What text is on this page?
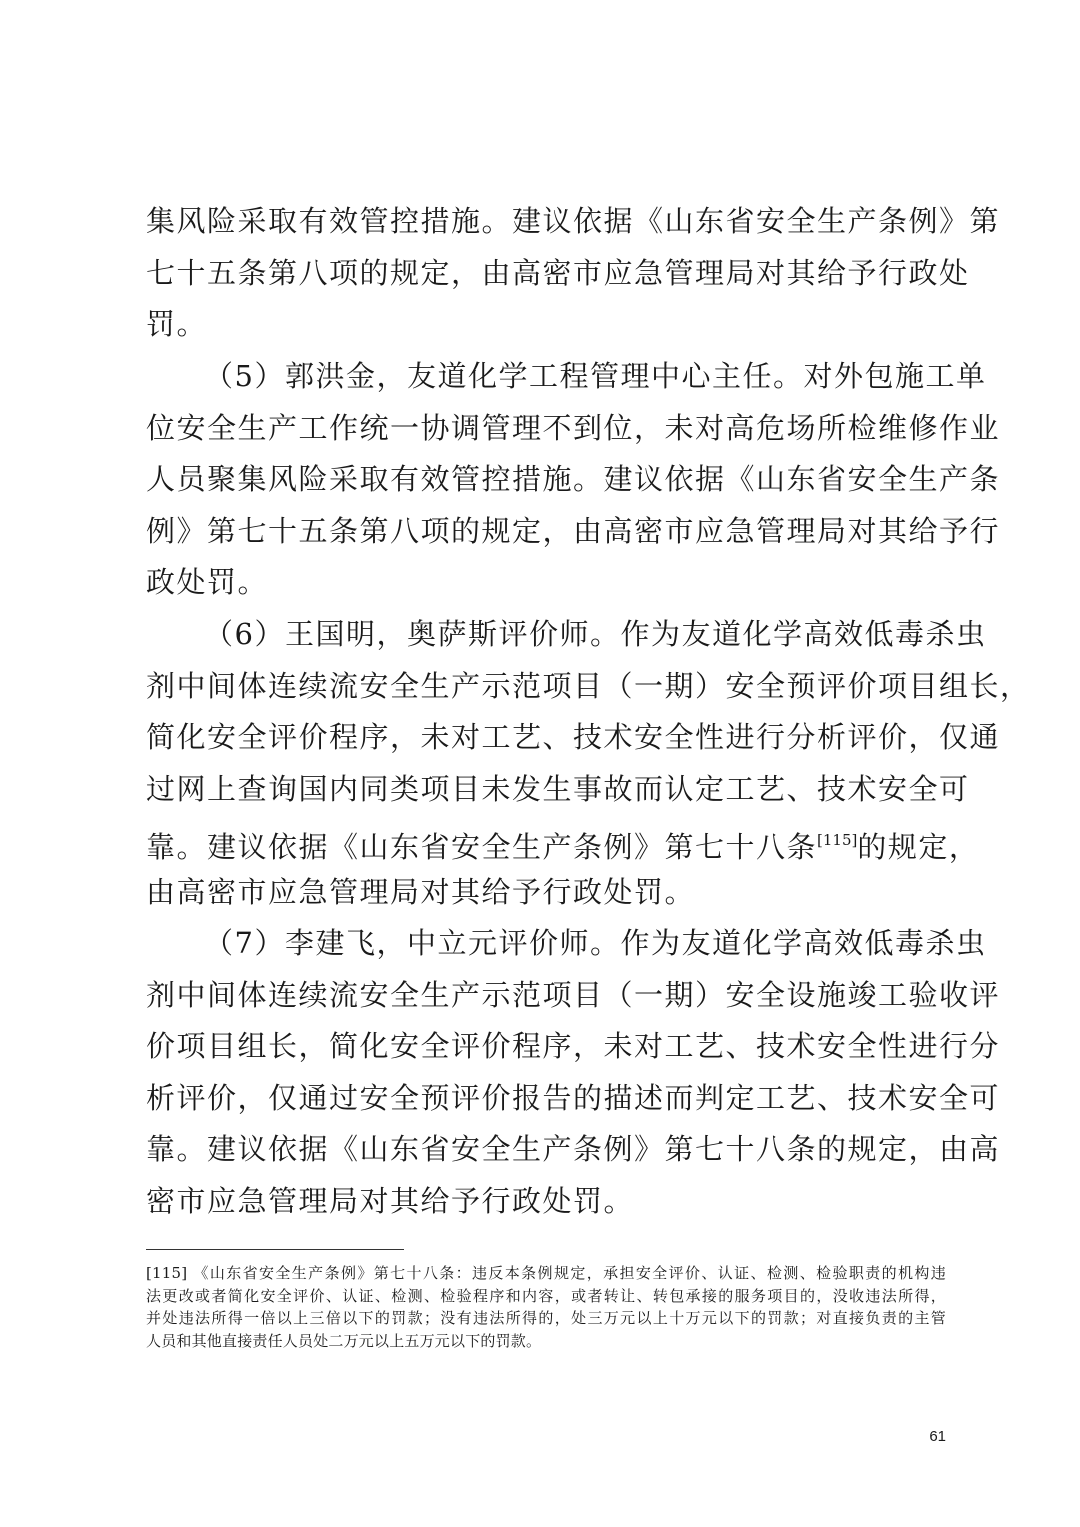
集风险采取有效管控措施。建议依据《山东省安全生产条例》第
七十五条第八项的规定，由高密市应急管理局对其给予行政处
罚。
（5）郭洪金，友道化学工程管理中心主任。对外包施工单
位安全生产工作统一协调管理不到位，未对高危场所检维修作业
人员聚集风险采取有效管控措施。建议依据《山东省安全生产条
例》第七十五条第八项的规定，由高密市应急管理局对其给予行
政处罚。
（6）王国明，奥萨斯评价师。作为友道化学高效低毒杀虫
剂中间体连续流安全生产示范项目（一期）安全预评价项目组长，
简化安全评价程序，未对工艺、技术安全性进行分析评价，仅通
过网上查询国内同类项目未发生事故而认定工艺、技术安全可
靠。建议依据《山东省安全生产条例》第七十八条[115]的规定，
由高密市应急管理局对其给予行政处罚。
（7）李建飞，中立元评价师。作为友道化学高效低毒杀虫
剂中间体连续流安全生产示范项目（一期）安全设施竣工验收评
价项目组长，简化安全评价程序，未对工艺、技术安全性进行分
析评价，仅通过安全预评价报告的描述而判定工艺、技术安全可
靠。建议依据《山东省安全生产条例》第七十八条的规定，由高
密市应急管理局对其给予行政处罚。
[115] 《山东省安全生产条例》第七十八条：违反本条例规定，承担安全评价、认证、检测、检验职责的机构违
法更改或者简化安全评价、认证、检测、检验程序和内容，或者转让、转包承接的服务项目的，没收违法所得，
并处违法所得一倍以上三倍以下的罚款；没有违法所得的，处三万元以上十万元以下的罚款；对直接负责的主管
人员和其他直接责任人员处二万元以上五万元以下的罚款。
61
